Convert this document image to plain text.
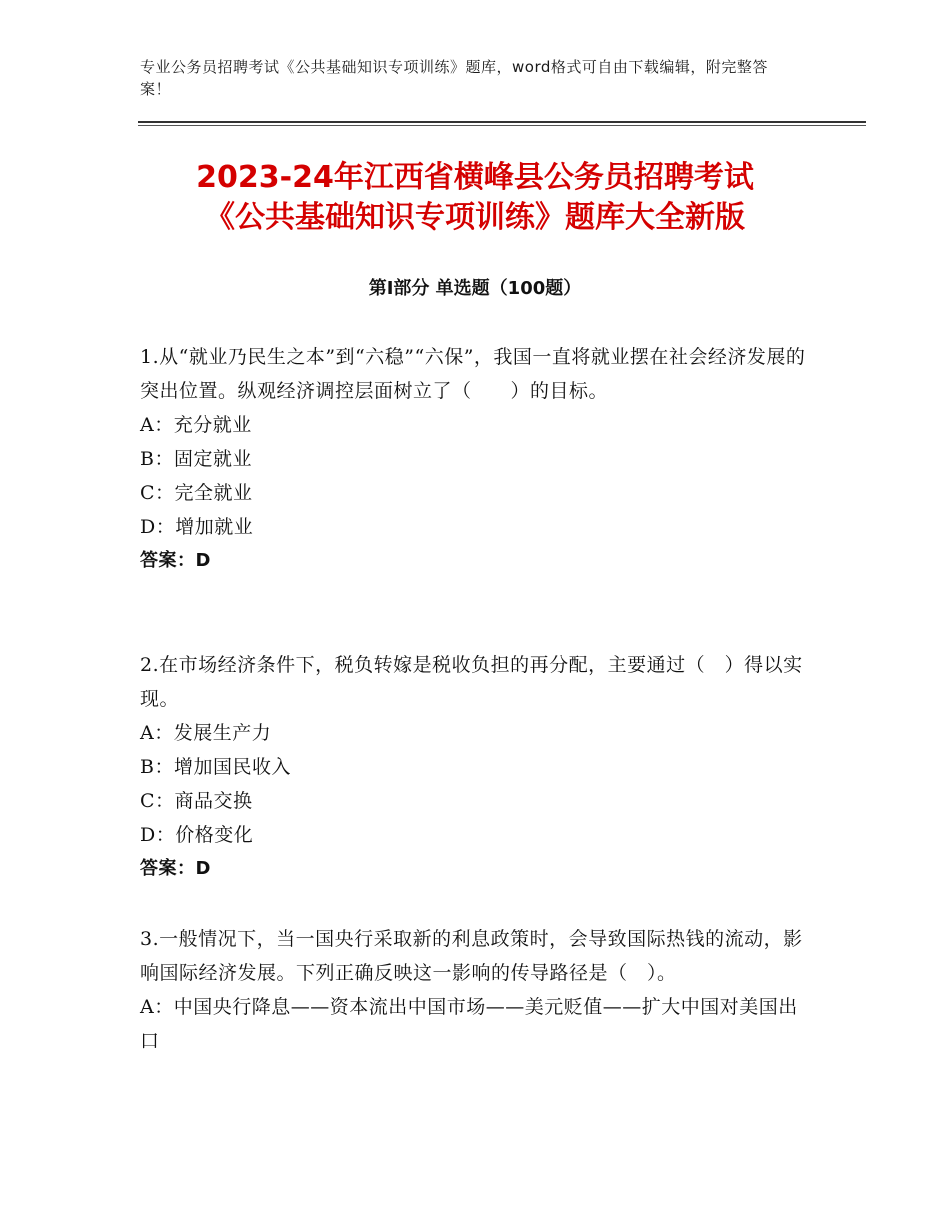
专业公务员招聘考试《公共基础知识专项训练》题库，word格式可自由下载编辑，附完整答案！
2023-24年江西省横峰县公务员招聘考试
《公共基础知识专项训练》题库大全新版
第Ⅰ部分 单选题（100题）

1.从“就业乃民生之本”到“六稳”“六保”，我国一直将就业摆在社会经济发展的突出位置。纵观经济调控层面树立了（　　）的目标。

A：充分就业

B：固定就业

C：完全就业

D：增加就业

答案：D

2.在市场经济条件下，税负转嫁是税收负担的再分配，主要通过（　）得以实现。

A：发展生产力

B：增加国民收入

C：商品交换

D：价格变化

答案：D

3.一般情况下，当一国央行采取新的利息政策时，会导致国际热钱的流动，影响国际经济发展。下列正确反映这一影响的传导路径是（　）。

A：中国央行降息——资本流出中国市场——美元贬值——扩大中国对美国出口
